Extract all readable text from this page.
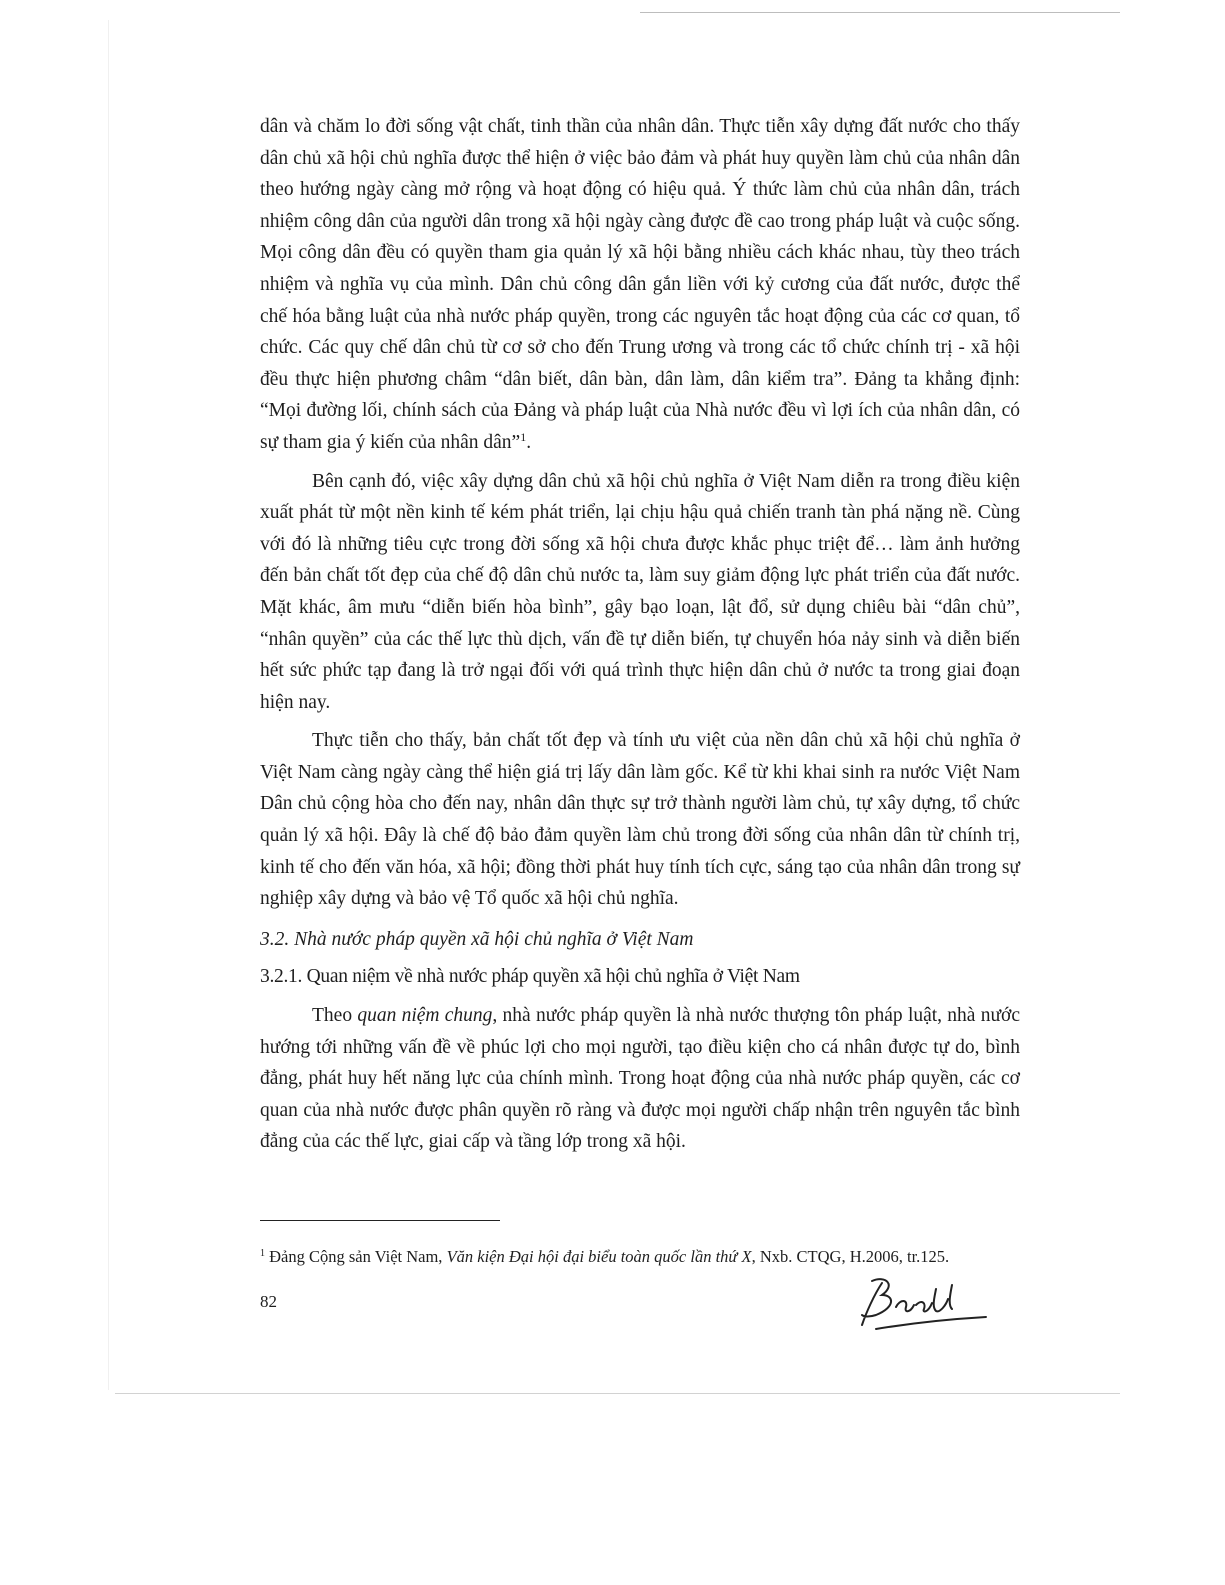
dân và chăm lo đời sống vật chất, tinh thần của nhân dân. Thực tiễn xây dựng đất nước cho thấy dân chủ xã hội chủ nghĩa được thể hiện ở việc bảo đảm và phát huy quyền làm chủ của nhân dân theo hướng ngày càng mở rộng và hoạt động có hiệu quả. Ý thức làm chủ của nhân dân, trách nhiệm công dân của người dân trong xã hội ngày càng được đề cao trong pháp luật và cuộc sống. Mọi công dân đều có quyền tham gia quản lý xã hội bằng nhiều cách khác nhau, tùy theo trách nhiệm và nghĩa vụ của mình. Dân chủ công dân gắn liền với kỷ cương của đất nước, được thể chế hóa bằng luật của nhà nước pháp quyền, trong các nguyên tắc hoạt động của các cơ quan, tổ chức. Các quy chế dân chủ từ cơ sở cho đến Trung ương và trong các tổ chức chính trị - xã hội đều thực hiện phương châm “dân biết, dân bàn, dân làm, dân kiểm tra”. Đảng ta khẳng định: “Mọi đường lối, chính sách của Đảng và pháp luật của Nhà nước đều vì lợi ích của nhân dân, có sự tham gia ý kiến của nhân dân”$^1$.

Bên cạnh đó, việc xây dựng dân chủ xã hội chủ nghĩa ở Việt Nam diễn ra trong điều kiện xuất phát từ một nền kinh tế kém phát triển, lại chịu hậu quả chiến tranh tàn phá nặng nề. Cùng với đó là những tiêu cực trong đời sống xã hội chưa được khắc phục triệt để… làm ảnh hưởng đến bản chất tốt đẹp của chế độ dân chủ nước ta, làm suy giảm động lực phát triển của đất nước. Mặt khác, âm mưu “diễn biến hòa bình”, gây bạo loạn, lật đổ, sử dụng chiêu bài “dân chủ”, “nhân quyền” của các thế lực thù dịch, vấn đề tự diễn biến, tự chuyển hóa nảy sinh và diễn biến hết sức phức tạp đang là trở ngại đối với quá trình thực hiện dân chủ ở nước ta trong giai đoạn hiện nay.

Thực tiễn cho thấy, bản chất tốt đẹp và tính ưu việt của nền dân chủ xã hội chủ nghĩa ở Việt Nam càng ngày càng thể hiện giá trị lấy dân làm gốc. Kể từ khi khai sinh ra nước Việt Nam Dân chủ cộng hòa cho đến nay, nhân dân thực sự trở thành người làm chủ, tự xây dựng, tổ chức quản lý xã hội. Đây là chế độ bảo đảm quyền làm chủ trong đời sống của nhân dân từ chính trị, kinh tế cho đến văn hóa, xã hội; đồng thời phát huy tính tích cực, sáng tạo của nhân dân trong sự nghiệp xây dựng và bảo vệ Tổ quốc xã hội chủ nghĩa.

3.2. Nhà nước pháp quyền xã hội chủ nghĩa ở Việt Nam

3.2.1. Quan niệm về nhà nước pháp quyền xã hội chủ nghĩa ở Việt Nam

Theo quan niệm chung, nhà nước pháp quyền là nhà nước thượng tôn pháp luật, nhà nước hướng tới những vấn đề về phúc lợi cho mọi người, tạo điều kiện cho cá nhân được tự do, bình đẳng, phát huy hết năng lực của chính mình. Trong hoạt động của nhà nước pháp quyền, các cơ quan của nhà nước được phân quyền rõ ràng và được mọi người chấp nhận trên nguyên tắc bình đẳng của các thế lực, giai cấp và tầng lớp trong xã hội.

$^1$ Đảng Cộng sản Việt Nam, Văn kiện Đại hội đại biểu toàn quốc lần thứ X, Nxb. CTQG, H.2006, tr.125.
82
